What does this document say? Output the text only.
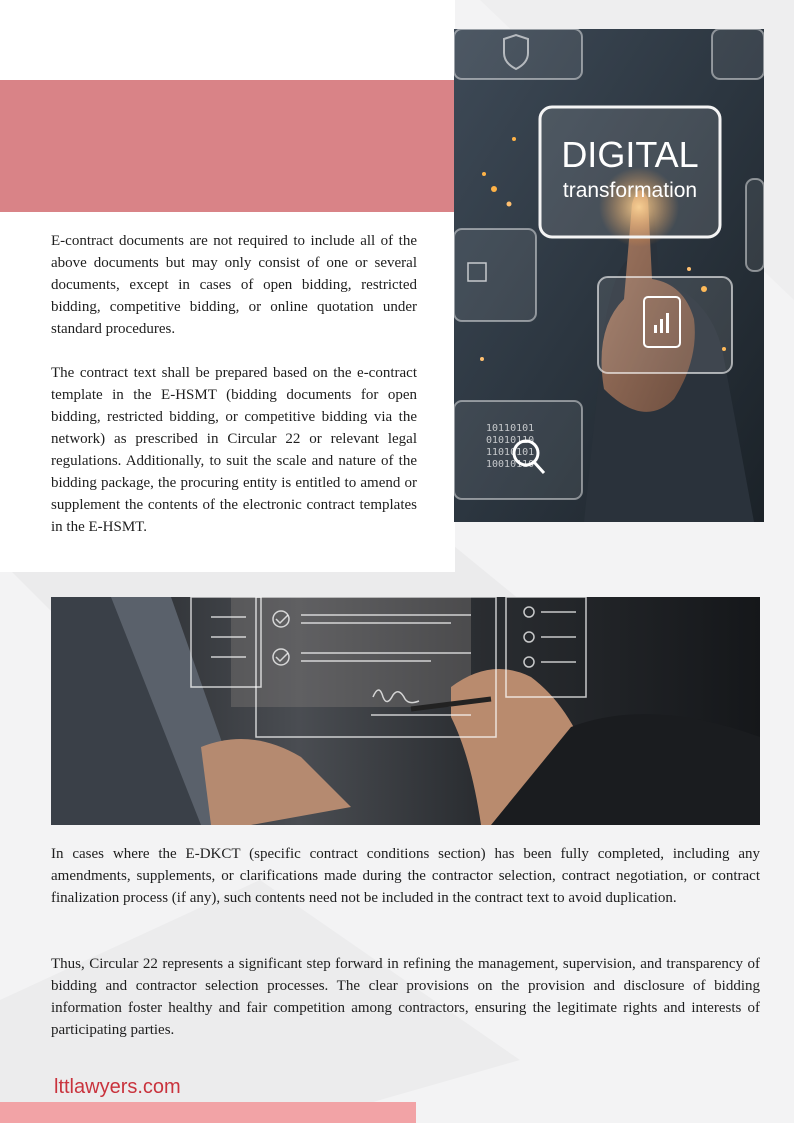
E-contract documents are not required to include all of the above documents but may only consist of one or several documents, except in cases of open bidding, restricted bidding, competitive bidding, or online quotation under standard procedures.

The contract text shall be prepared based on the e-contract template in the E-HSMT (bidding documents for open bidding, restricted bidding, or competitive bidding via the network) as prescribed in Circular 22 or relevant legal regulations. Additionally, to suit the scale and nature of the bidding package, the procuring entity is entitled to amend or supplement the contents of the electronic contract templates in the E-HSMT.

DIGITAL
transformation
10110101
01010110
11010101
10010110

In cases where the E-DKCT (specific contract conditions section) has been fully completed, including any amendments, supplements, or clarifications made during the contractor selection, contract negotiation, or contract finalization process (if any), such contents need not be included in the contract text to avoid duplication.

Thus, Circular 22 represents a significant step forward in refining the management, supervision, and transparency of bidding and contractor selection processes. The clear provisions on the provision and disclosure of bidding information foster healthy and fair competition among contractors, ensuring the legitimate rights and interests of participating parties.

lttlawyers.com
